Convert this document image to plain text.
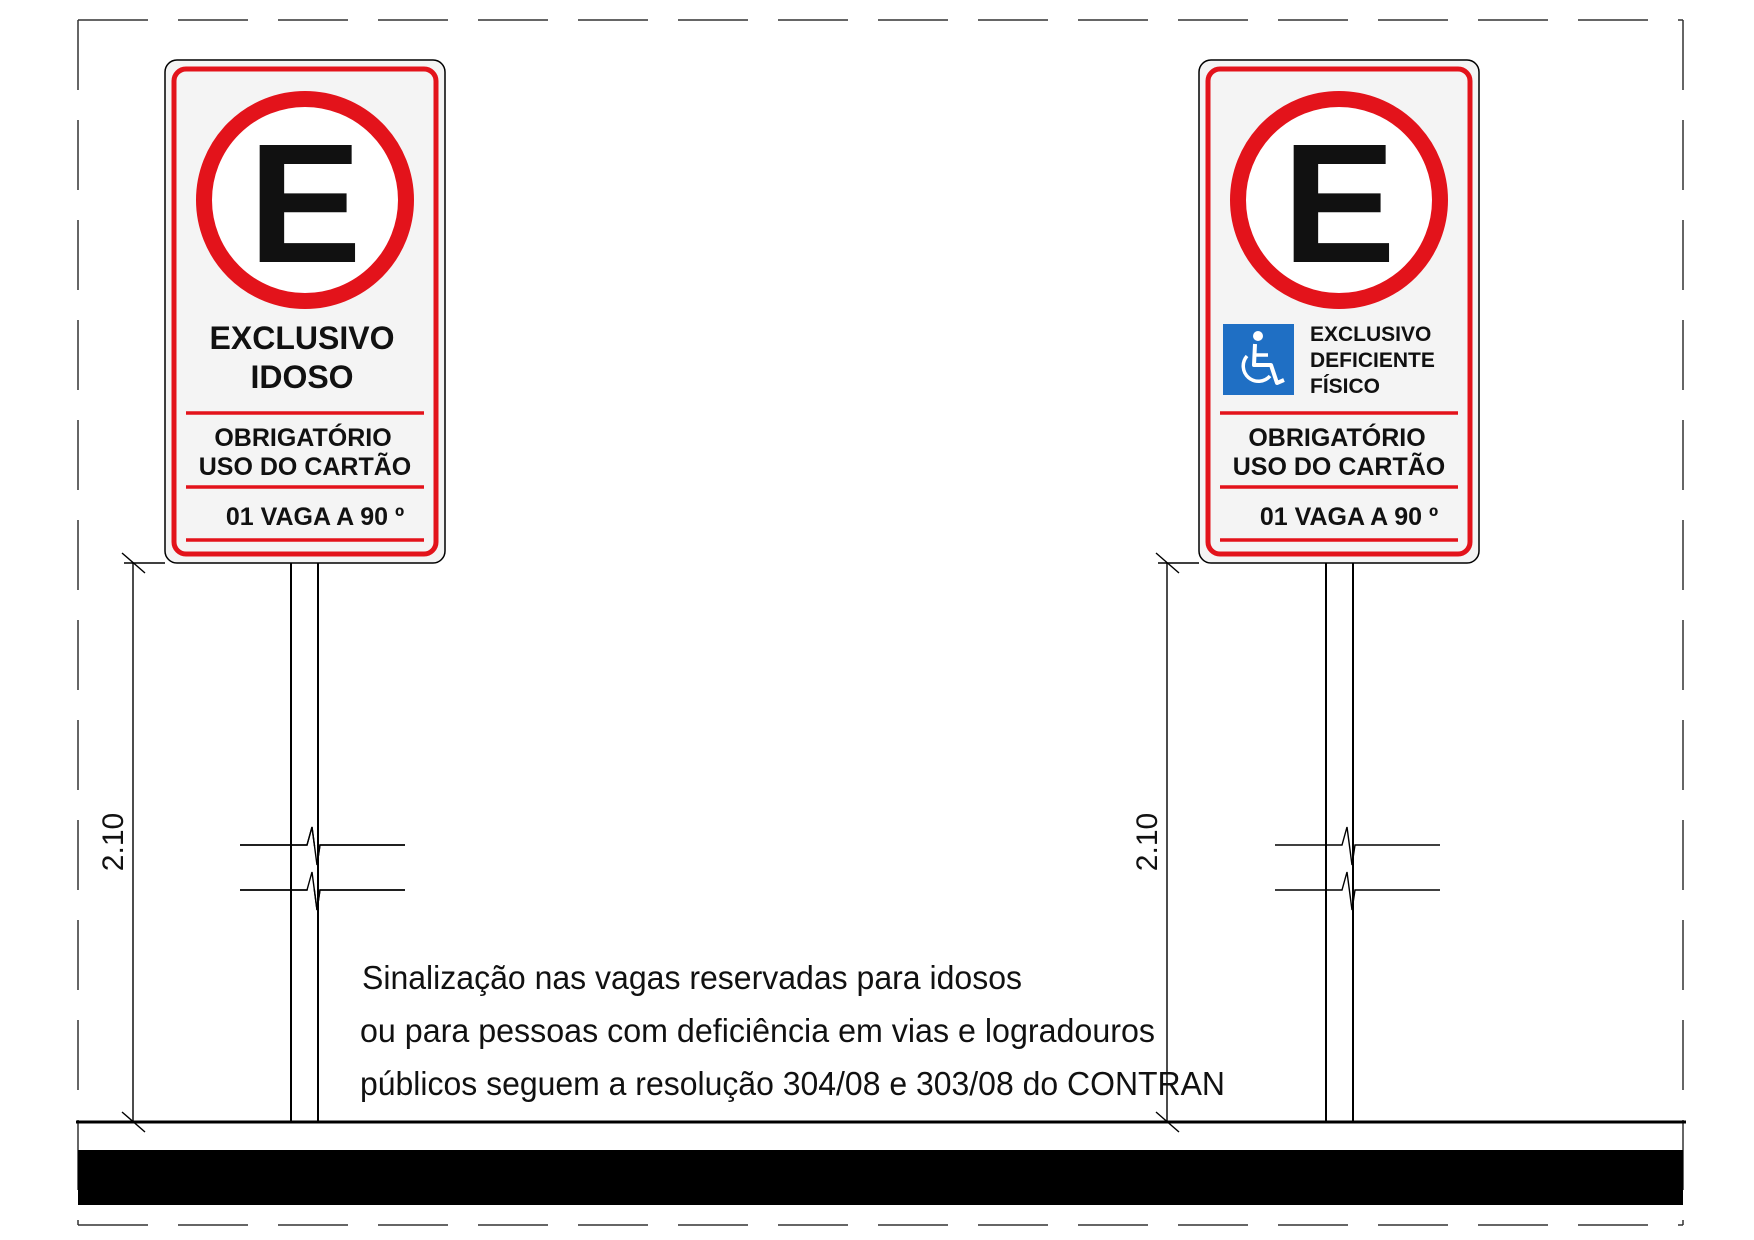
E
EXCLUSIVO
IDOSO
OBRIGATÓRIO
USO DO CARTÃO
01 VAGA A 90 º
2.10
E
EXCLUSIVO
DEFICIENTE
FÍSICO
OBRIGATÓRIO
USO DO CARTÃO
01 VAGA A 90 º
2.10
Sinalização nas vagas reservadas para idosos
ou para pessoas com deficiência em vias e logradouros
públicos seguem a resolução 304/08 e 303/08 do CONTRAN
